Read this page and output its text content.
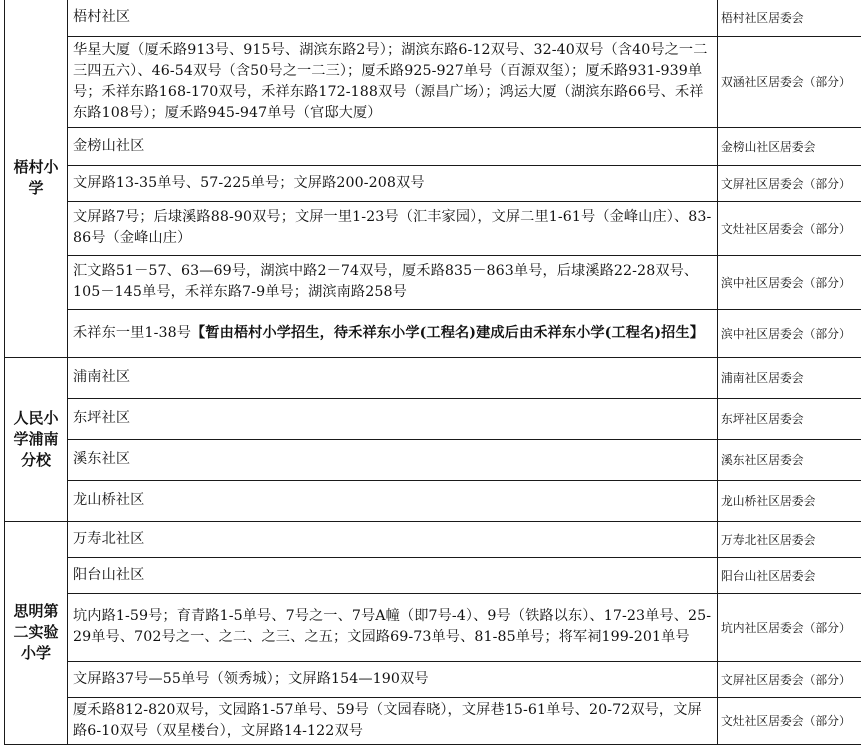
梧村小学	梧村社区	梧村社区居委会
	华星大厦（厦禾路913号、915号、湖滨东路2号）；湖滨东路6-12双号、32-40双号（含40号之一二三四五六）、46-54双号（含50号之一二三）；厦禾路925-927单号（百源双玺）；厦禾路931-939单号；禾祥东路168-170双号，禾祥东路172-188双号（源昌广场）；鸿运大厦（湖滨东路66号、禾祥东路108号）；厦禾路945-947单号（官邸大厦）	双涵社区居委会（部分）
	金榜山社区	金榜山社区居委会
	文屏路13-35单号、57-225单号；文屏路200-208双号	文屏社区居委会（部分）
	文屏路7号；后埭溪路88-90双号；文屏一里1-23号（汇丰家园），文屏二里1-61号（金峰山庄）、83-86号（金峰山庄）	文灶社区居委会（部分）
	汇文路51－57、63—69号，湖滨中路2－74双号，厦禾路835－863单号，后埭溪路22-28双号、105－145单号，禾祥东路7-9单号；湖滨南路258号	滨中社区居委会（部分）
	禾祥东一里1-38号【暂由梧村小学招生，待禾祥东小学(工程名)建成后由禾祥东小学(工程名)招生】	滨中社区居委会（部分）

人民小学浦南分校	浦南社区	浦南社区居委会
	东坪社区	东坪社区居委会
	溪东社区	溪东社区居委会
	龙山桥社区	龙山桥社区居委会

思明第二实验小学	万寿北社区	万寿北社区居委会
	阳台山社区	阳台山社区居委会
	坑内路1-59号；育青路1-5单号、7号之一、7号A幢（即7号-4）、9号（铁路以东）、17-23单号、25-29单号、702号之一、之二、之三、之五；文园路69-73单号、81-85单号；将军祠199-201单号	坑内社区居委会（部分）
	文屏路37号—55单号（领秀城）；文屏路154—190双号	文屏社区居委会（部分）
	厦禾路812-820双号，文园路1-57单号、59号（文园春晓），文屏巷15-61单号、20-72双号，文屏路6-10双号（双星楼台），文屏路14-122双号	文灶社区居委会（部分）
